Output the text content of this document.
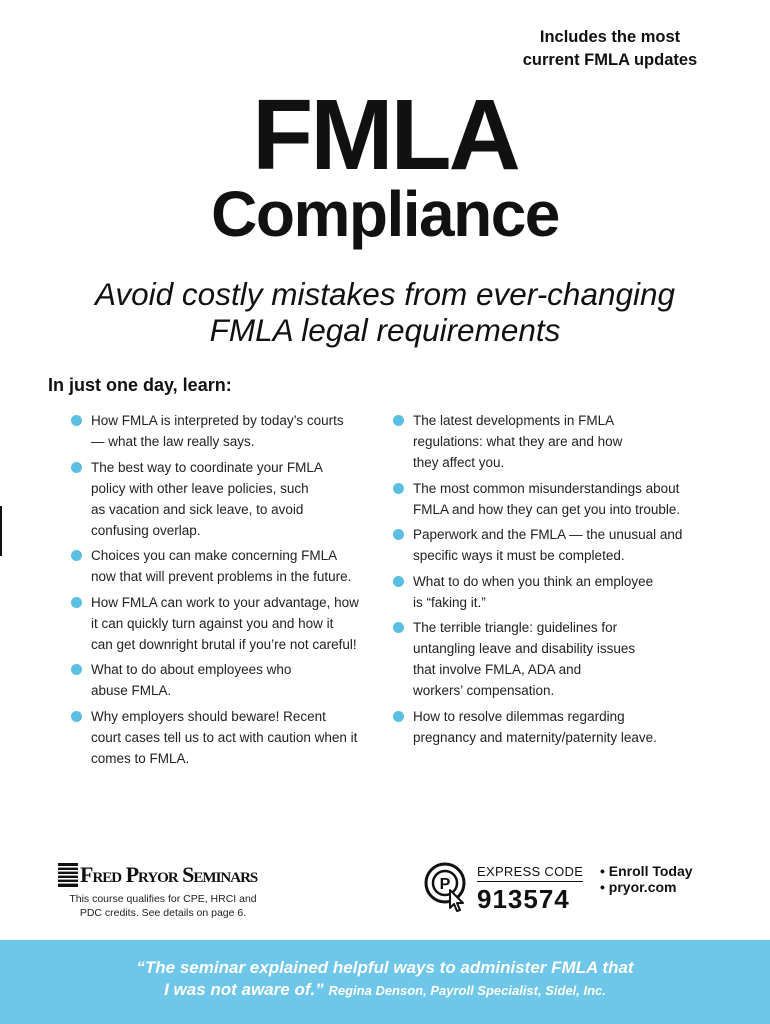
Includes the most
current FMLA updates
FMLA
Compliance
Avoid costly mistakes from ever-changing
FMLA legal requirements
In just one day, learn:
How FMLA is interpreted by today’s courts
— what the law really says.
The best way to coordinate your FMLA
policy with other leave policies, such
as vacation and sick leave, to avoid
confusing overlap.
Choices you can make concerning FMLA
now that will prevent problems in the future.
How FMLA can work to your advantage, how
it can quickly turn against you and how it
can get downright brutal if you’re not careful!
What to do about employees who
abuse FMLA.
Why employers should beware! Recent
court cases tell us to act with caution when it
comes to FMLA.
The latest developments in FMLA
regulations: what they are and how
they affect you.
The most common misunderstandings about
FMLA and how they can get you into trouble.
Paperwork and the FMLA — the unusual and
specific ways it must be completed.
What to do when you think an employee
is “faking it.”
The terrible triangle: guidelines for
untangling leave and disability issues
that involve FMLA, ADA and
workers’ compensation.
How to resolve dilemmas regarding
pregnancy and maternity/paternity leave.
Fred Pryor Seminars
This course qualifies for CPE, HRCI and
PDC credits. See details on page 6.
P
EXPRESS CODE
913574
• Enroll Today
• pryor.com
“The seminar explained helpful ways to administer FMLA that
I was not aware of.” Regina Denson, Payroll Specialist, Sidel, Inc.
